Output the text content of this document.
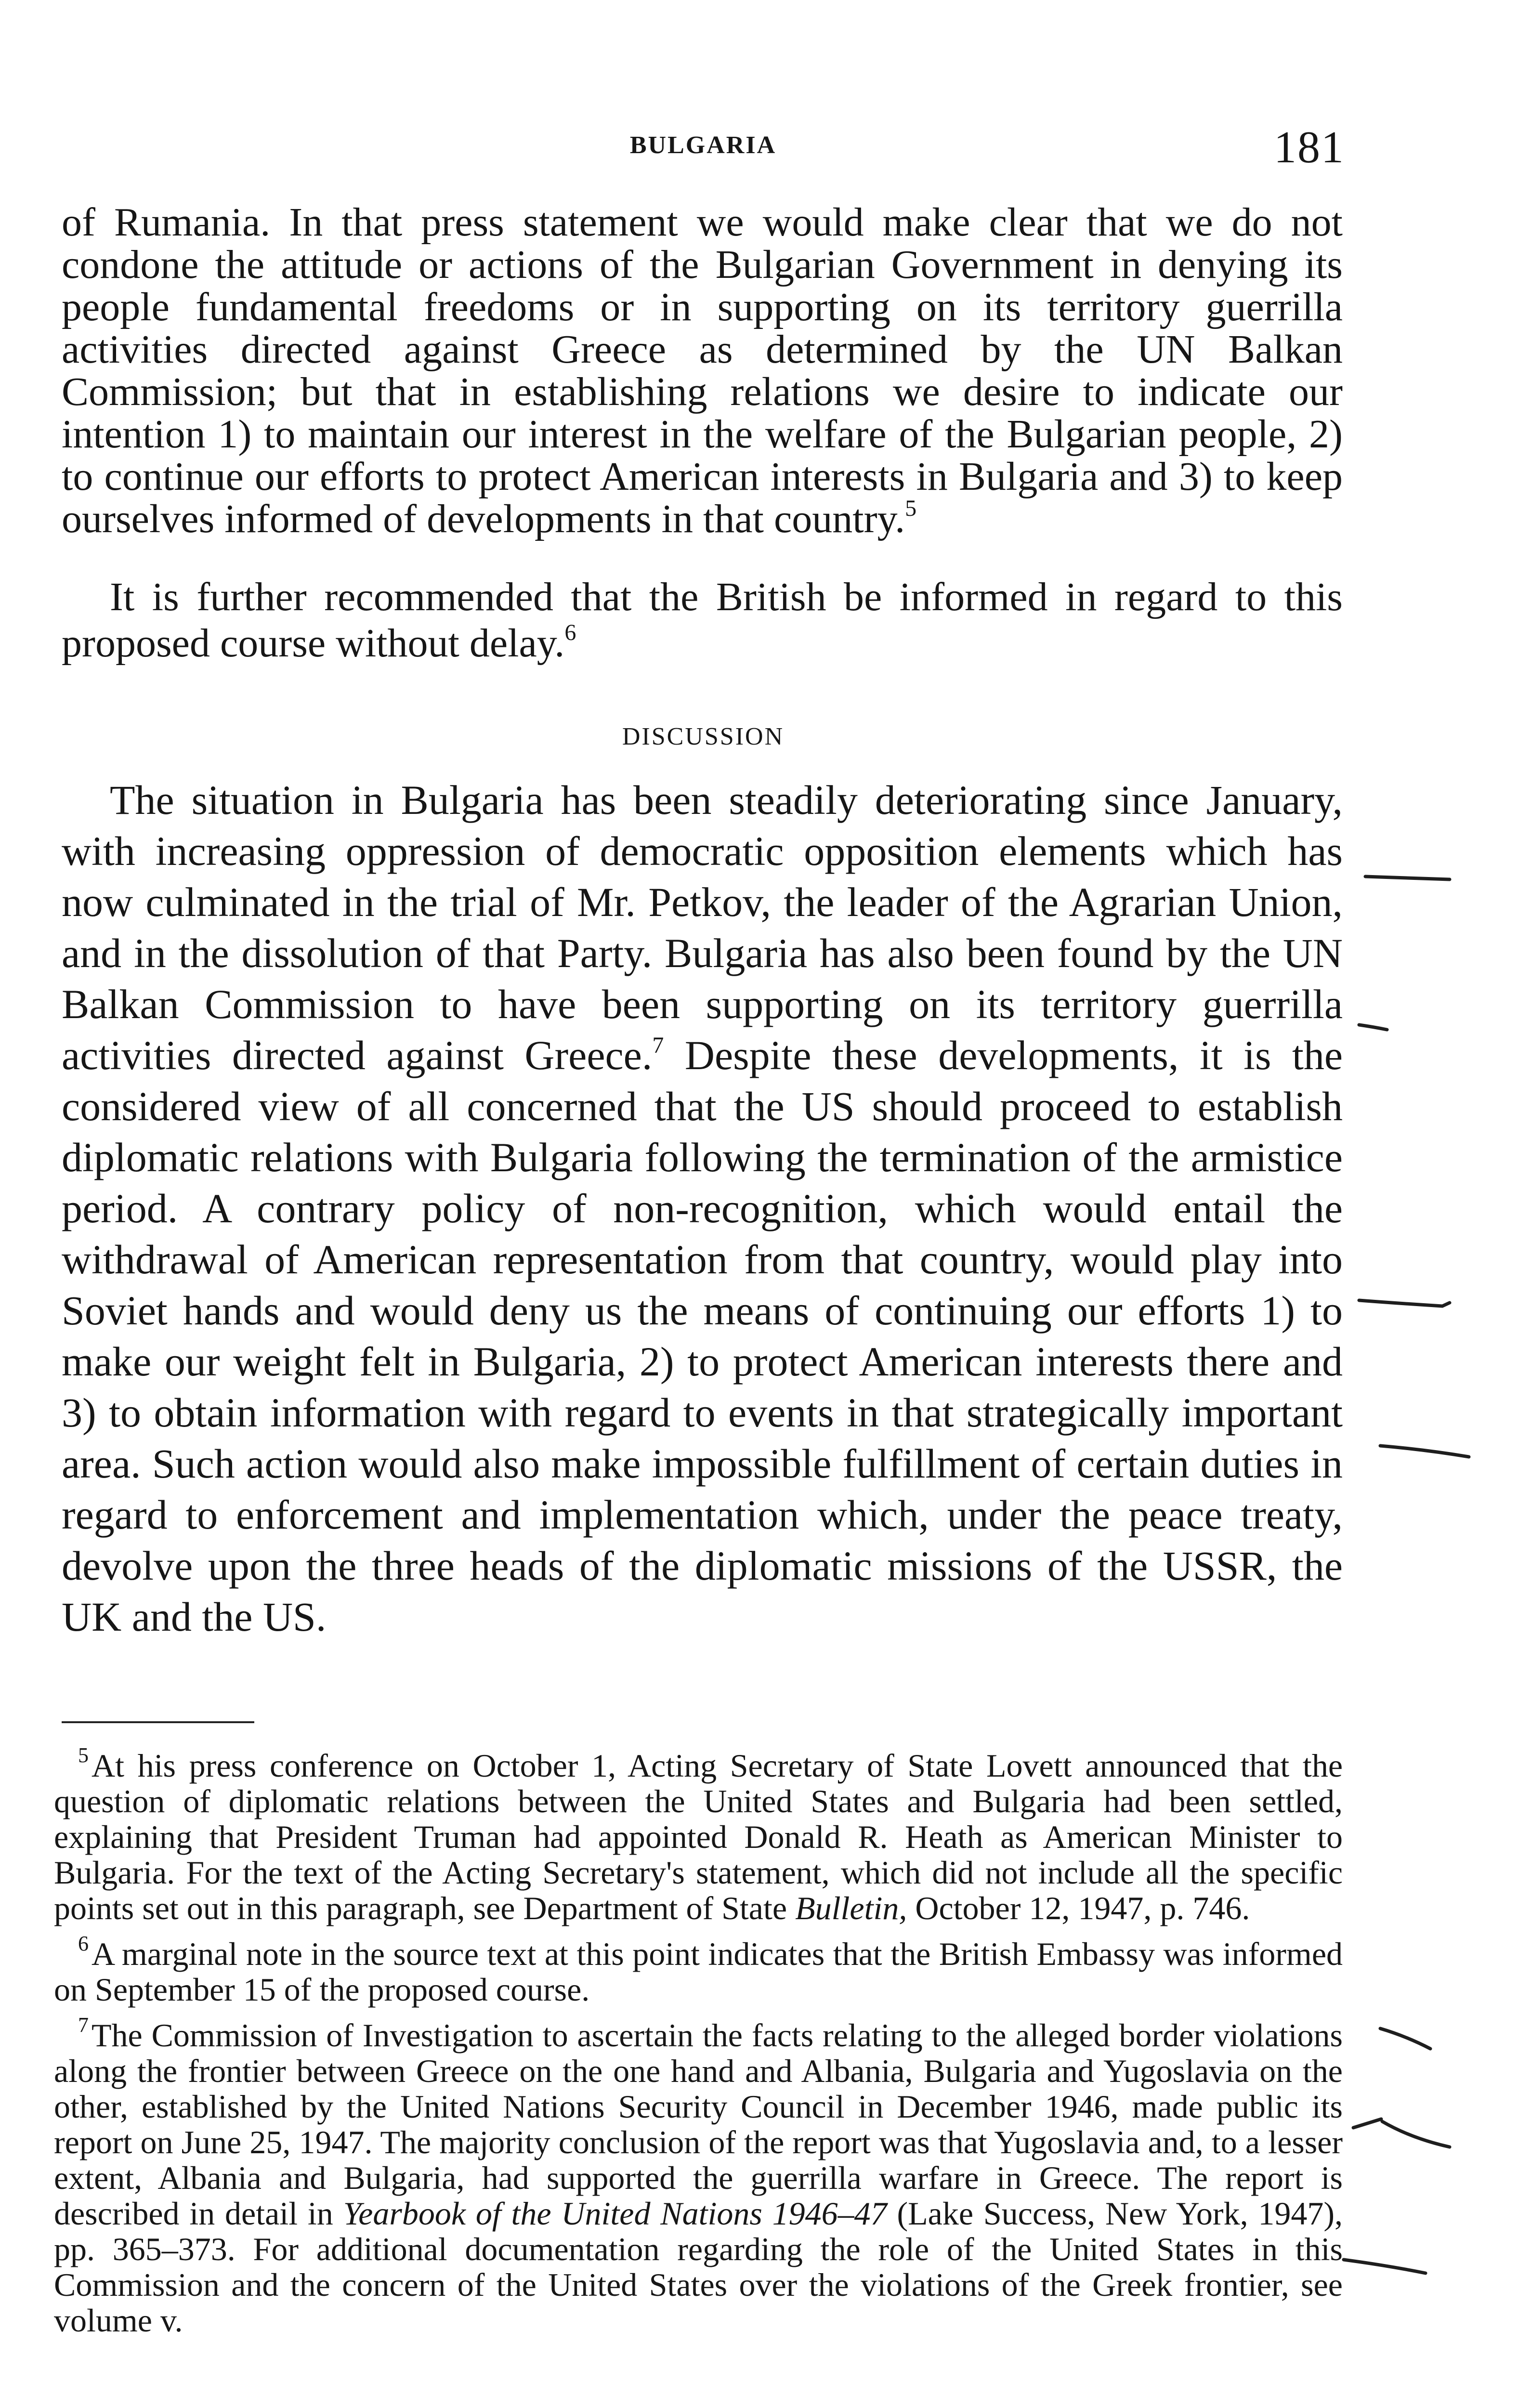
BULGARIA	181

of Rumania. In that press statement we would make clear that we do not condone the attitude or actions of the Bulgarian Government in denying its people fundamental freedoms or in supporting on its territory guerrilla activities directed against Greece as determined by the UN Balkan Commission; but that in establishing relations we desire to indicate our intention 1) to maintain our interest in the welfare of the Bulgarian people, 2) to continue our efforts to protect American interests in Bulgaria and 3) to keep ourselves informed of developments in that country.$^5$

It is further recommended that the British be informed in regard to this proposed course without delay.$^6$

DISCUSSION

The situation in Bulgaria has been steadily deteriorating since January, with increasing oppression of democratic opposition elements which has now culminated in the trial of Mr. Petkov, the leader of the Agrarian Union, and in the dissolution of that Party. Bulgaria has also been found by the UN Balkan Commission to have been supporting on its territory guerrilla activities directed against Greece.$^7$ Despite these developments, it is the considered view of all concerned that the US should proceed to establish diplomatic relations with Bulgaria following the termination of the armistice period. A contrary policy of non-recognition, which would entail the withdrawal of American representation from that country, would play into Soviet hands and would deny us the means of continuing our efforts 1) to make our weight felt in Bulgaria, 2) to protect American interests there and 3) to obtain information with regard to events in that strategically important area. Such action would also make impossible fulfillment of certain duties in regard to enforcement and implementation which, under the peace treaty, devolve upon the three heads of the diplomatic missions of the USSR, the UK and the US.

$^5$At his press conference on October 1, Acting Secretary of State Lovett announced that the question of diplomatic relations between the United States and Bulgaria had been settled, explaining that President Truman had appointed Donald R. Heath as American Minister to Bulgaria. For the text of the Acting Secretary's statement, which did not include all the specific points set out in this paragraph, see Department of State Bulletin, October 12, 1947, p. 746.

$^6$A marginal note in the source text at this point indicates that the British Embassy was informed on September 15 of the proposed course.

$^7$The Commission of Investigation to ascertain the facts relating to the alleged border violations along the frontier between Greece on the one hand and Albania, Bulgaria and Yugoslavia on the other, established by the United Nations Security Council in December 1946, made public its report on June 25, 1947. The majority conclusion of the report was that Yugoslavia and, to a lesser extent, Albania and Bulgaria, had supported the guerrilla warfare in Greece. The report is described in detail in Yearbook of the United Nations 1946–47 (Lake Success, New York, 1947), pp. 365–373. For additional documentation regarding the role of the United States in this Commission and the concern of the United States over the violations of the Greek frontier, see volume v.
